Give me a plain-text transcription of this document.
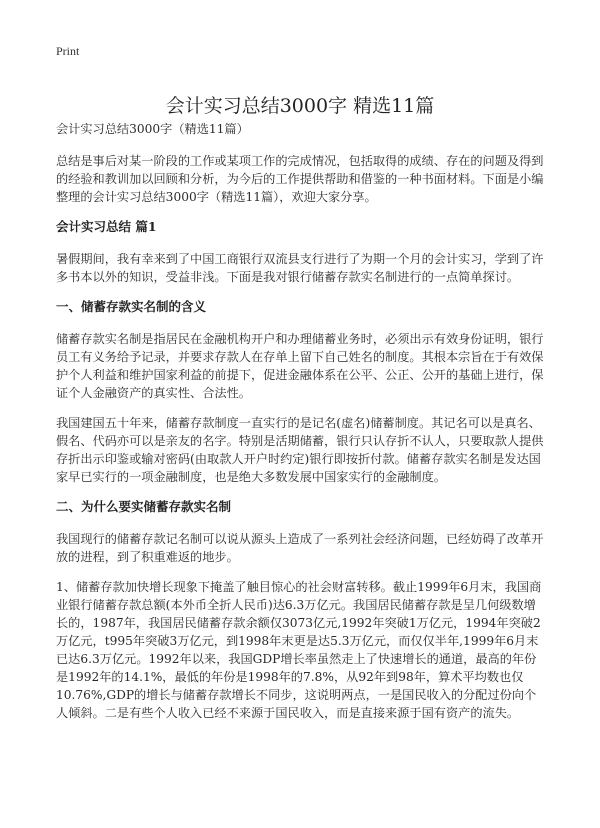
Print
会计实习总结3000字 精选11篇

会计实习总结3000字（精选11篇）

总结是事后对某一阶段的工作或某项工作的完成情况，包括取得的成绩、存在的问题及得到的经验和教训加以回顾和分析，为今后的工作提供帮助和借鉴的一种书面材料。下面是小编整理的会计实习总结3000字（精选11篇），欢迎大家分享。

会计实习总结 篇1

暑假期间，我有幸来到了中国工商银行双流县支行进行了为期一个月的会计实习，学到了许多书本以外的知识，受益非浅。下面是我对银行储蓄存款实名制进行的一点简单探讨。

一、储蓄存款实名制的含义

储蓄存款实名制是指居民在金融机构开户和办理储蓄业务时，必须出示有效身份证明，银行员工有义务给予记录，并要求存款人在存单上留下自己姓名的制度。其根本宗旨在于有效保护个人利益和维护国家利益的前提下，促进金融体系在公平、公正、公开的基础上进行，保证个人金融资产的真实性、合法性。

我国建国五十年来，储蓄存款制度一直实行的是记名(虚名)储蓄制度。其记名可以是真名、假名、代码亦可以是亲友的名字。特别是活期储蓄，银行只认存折不认人，只要取款人提供存折出示印鉴或输对密码(由取款人开户时约定)银行即按折付款。储蓄存款实名制是发达国家早已实行的一项金融制度，也是绝大多数发展中国家实行的金融制度。

二、为什么要实储蓄存款实名制

我国现行的储蓄存款记名制可以说从源头上造成了一系列社会经济问题，已经妨碍了改革开放的进程，到了积重难返的地步。

1、储蓄存款加快增长现象下掩盖了触目惊心的社会财富转移。截止1999年6月末，我国商业银行储蓄存款总额(本外币全折人民币)达6.3万亿元。我国居民储蓄存款是呈几何级数增长的，1987年，我国居民储蓄存款余额仅3073亿元,1992年突破1万亿元，1994年突破2万亿元，t995年突破3万亿元，到1998年末更是达5.3万亿元，而仅仅半年,1999年6月末已达6.3万亿元。1992年以来，我国GDP增长率虽然走上了快速增长的通道，最高的年份是1992年的14.1%，最低的年份是1998年的7.8%，从92年到98年，算术平均数也仅10.76%,GDP的增长与储蓄存款增长不同步，这说明两点，一是国民收入的分配过份向个人倾斜。二是有些个人收入已经不来源于国民收入，而是直接来源于国有资产的流失。
